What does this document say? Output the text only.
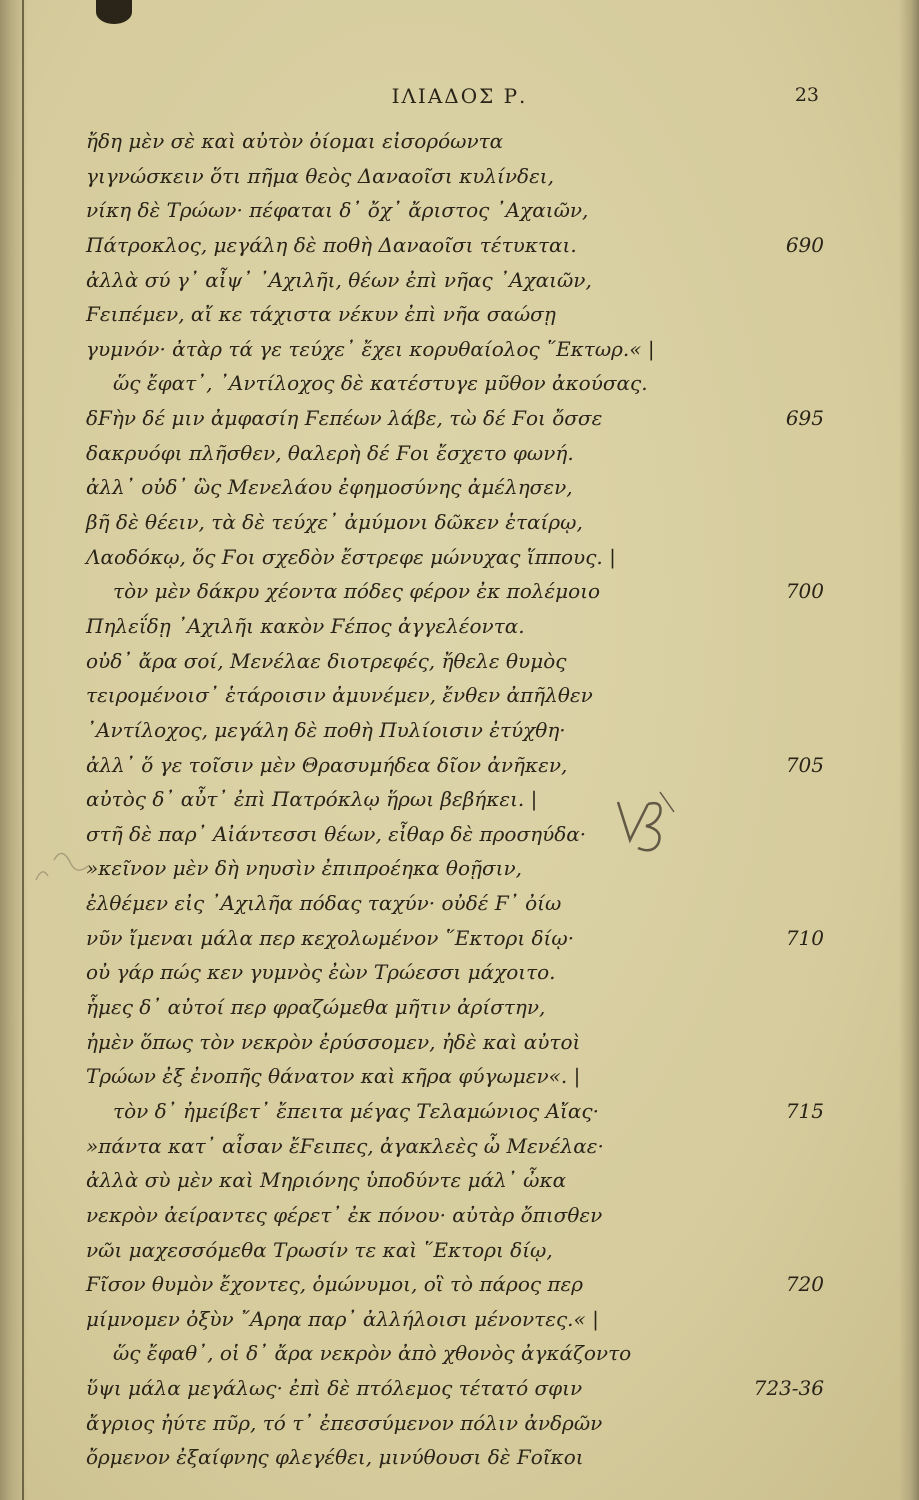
ΙΛΙΑΔΟΣ Ρ.	23
ἤδη μὲν σὲ καὶ αὐτὸν ὀίομαι εἰσορόωντα
γιγνώσκειν ὅτι πῆμα θεὸς Δαναοῖσι κυλίνδει,
νίκη δὲ Τρώων· πέφαται δ᾿ ὄχ᾿ ἄριστος ᾿Αχαιῶν,
Πάτροκλος, μεγάλη δὲ ποθὴ Δαναοῖσι τέτυκται.	690
ἀλλὰ σύ γ᾿ αἶψ᾿ ᾿Αχιλῆι, θέων ἐπὶ νῆας ᾿Αχαιῶν,
Ϝειπέμεν, αἴ κε τάχιστα νέκυν ἐπὶ νῆα σαώσῃ
γυμνόν· ἀτὰρ τά γε τεύχε᾿ ἔχει κορυθαίολος ῞Εκτωρ.« |
ὥς ἔφατ᾿, ᾿Αντίλοχος δὲ κατέστυγε μῦθον ἀκούσας.
δϜὴν δέ μιν ἀμφασίη Ϝεπέων λάβε, τὼ δέ Ϝοι ὄσσε	695
δακρυόφι πλῆσθεν, θαλερὴ δέ Ϝοι ἔσχετο φωνή.
ἀλλ᾿ οὐδ᾿ ὣς Μενελάου ἐφημοσύνης ἀμέλησεν,
βῆ δὲ θέειν, τὰ δὲ τεύχε᾿ ἀμύμονι δῶκεν ἑταίρῳ,
Λαοδόκῳ, ὅς Ϝοι σχεδὸν ἔστρεφε μώνυχας ἵππους. |
τὸν μὲν δάκρυ χέοντα πόδες φέρον ἐκ πολέμοιο	700
Πηλεΐδῃ ᾿Αχιλῆι κακὸν Ϝέπος ἀγγελέοντα.
οὐδ᾿ ἄρα σοί, Μενέλαε διοτρεφές, ἤθελε θυμὸς
τειρομένοισ᾿ ἑτάροισιν ἀμυνέμεν, ἔνθεν ἀπῆλθεν
᾿Αντίλοχος, μεγάλη δὲ ποθὴ Πυλίοισιν ἐτύχθη·
ἀλλ᾿ ὅ γε τοῖσιν μὲν Θρασυμήδεα δῖον ἀνῆκεν,	705
αὐτὸς δ᾿ αὖτ᾿ ἐπὶ Πατρόκλῳ ἥρωι βεβήκει. |
στῆ δὲ παρ᾿ Αἰάντεσσι θέων, εἶθαρ δὲ προσηύδα·
»κεῖνον μὲν δὴ νηυσὶν ἐπιπροέηκα θοῇσιν,
ἐλθέμεν εἰς ᾿Αχιλῆα πόδας ταχύν· οὐδέ Ϝ᾿ ὀίω
νῦν ἴμεναι μάλα περ κεχολωμένον ῞Εκτορι δίῳ·	710
οὐ γάρ πώς κεν γυμνὸς ἐὼν Τρώεσσι μάχοιτο.
ἧμες δ᾿ αὐτοί περ φραζώμεθα μῆτιν ἀρίστην,
ἠμὲν ὅπως τὸν νεκρὸν ἐρύσσομεν, ἠδὲ καὶ αὐτοὶ
Τρώων ἐξ ἐνοπῆς θάνατον καὶ κῆρα φύγωμεν«. |
τὸν δ᾿ ἠμείβετ᾿ ἔπειτα μέγας Τελαμώνιος Αἴας·	715
»πάντα κατ᾿ αἶσαν ἔϜειπες, ἀγακλεὲς ὦ Μενέλαε·
ἀλλὰ σὺ μὲν καὶ Μηριόνης ὑποδύντε μάλ᾿ ὦκα
νεκρὸν ἀείραντες φέρετ᾿ ἐκ πόνου· αὐτὰρ ὄπισθεν
νῶι μαχεσσόμεθα Τρωσίν τε καὶ ῞Εκτορι δίῳ,
Ϝῖσον θυμὸν ἔχοντες, ὁμώνυμοι, οἳ τὸ πάρος περ	720
μίμνομεν ὀξὺν ῎Αρηα παρ᾿ ἀλλήλοισι μένοντες.« |
ὥς ἔφαθ᾿, οἱ δ᾿ ἄρα νεκρὸν ἀπὸ χθονὸς ἀγκάζοντο
ὕψι μάλα μεγάλως· ἐπὶ δὲ πτόλεμος τέτατό σφιν	723-36
ἄγριος ἠύτε πῦρ, τό τ᾿ ἐπεσσύμενον πόλιν ἀνδρῶν
ὄρμενον ἐξαίφνης φλεγέθει, μινύθουσι δὲ Ϝοῖκοι
